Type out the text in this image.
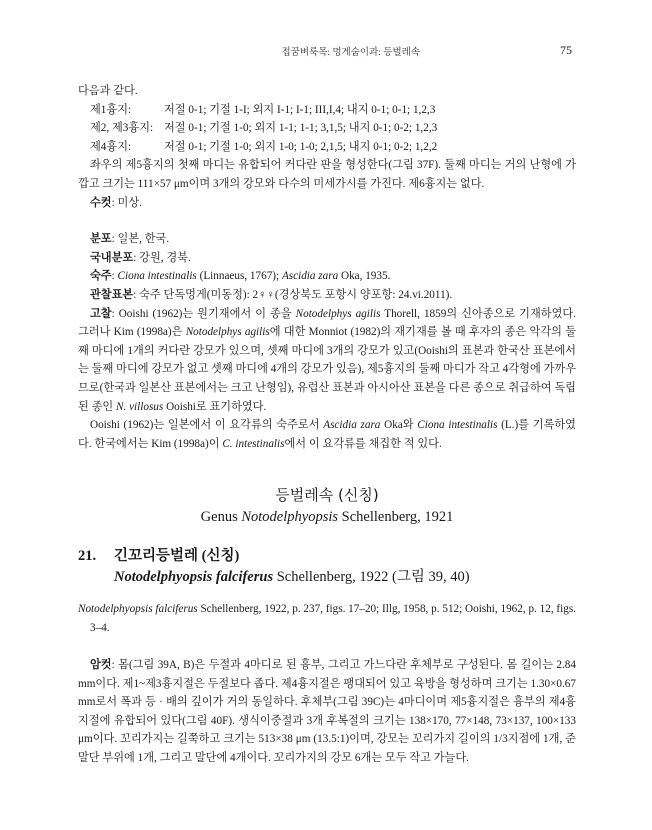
접꿈벼룩목: 멍게숨이과: 등벌레속	75

다음과 같다.

제1흉지:	저절 0-1; 기절 1-I; 외지 I-1; I-1; III,I,4; 내지 0-1; 0-1; 1,2,3
제2, 제3흉지: 저절 0-1; 기절 1-0; 외지 1-1; 1-1; 3,1,5; 내지 0-1; 0-2; 1,2,3
제4흉지:	저절 0-1; 기절 1-0; 외지 1-0; 1-0; 2,1,5; 내지 0-1; 0-2; 1,2,2

좌우의 제5흉지의 첫째 마디는 유합되어 커다란 판을 형성한다(그림 37F). 둘째 마디는 거의 난형에 가깝고 크기는 111×57 μm이며 3개의 강모와 다수의 미세가시를 가진다. 제6흉지는 없다.

수컷: 미상.

분포: 일본, 한국.

국내분포: 강원, 경북.

숙주: Ciona intestinalis (Linnaeus, 1767); Ascidia zara Oka, 1935.

관찰표본: 숙주 단독멍게(미동정): 2♀♀(경상북도 포항시 양포항: 24.vi.2011).

고찰: Ooishi (1962)는 원기재에서 이 종을 Notodelphys agilis Thorell, 1859의 신아종으로 기재하였다. 그러나 Kim (1998a)은 Notodelphys agilis에 대한 Monniot (1982)의 재기재를 볼 때 후자의 종은 악각의 둘째 마디에 1개의 커다란 강모가 있으며, 셋째 마디에 3개의 강모가 있고(Ooishi의 표본과 한국산 표본에서는 둘째 마디에 강모가 없고 셋째 마디에 4개의 강모가 있음), 제5흉지의 둘째 마디가 작고 4각형에 가까우므로(한국과 일본산 표본에서는 크고 난형임), 유럽산 표본과 아시아산 표본을 다른 종으로 취급하여 독립된 종인 N. villosus Ooishi로 표기하였다.

Ooishi (1962)는 일본에서 이 요각류의 숙주로서 Ascidia zara Oka와 Ciona intestinalis (L.)를 기록하였다. 한국에서는 Kim (1998a)이 C. intestinalis에서 이 요각류를 채집한 적 있다.

등벌레속 (신칭)
Genus Notodelphyopsis Schellenberg, 1921
21. 긴꼬리등벌레 (신칭)
Notodelphyopsis falciferus Schellenberg, 1922 (그림 39, 40)

Notodelphyopsis falciferus Schellenberg, 1922, p. 237, figs. 17–20; Illg, 1958, p. 512; Ooishi, 1962, p. 12, figs. 3–4.

암컷: 몸(그림 39A, B)은 두절과 4마디로 된 흉부, 그리고 가느다란 후체부로 구성된다. 몸 길이는 2.84 mm이다. 제1~제3흉지절은 두절보다 좁다. 제4흉지절은 팽대되어 있고 육방을 형성하며 크기는 1.30×0.67 mm로서 폭과 등 · 배의 깊이가 거의 동일하다. 후체부(그림 39C)는 4마디이며 제5흉지절은 흉부의 제4흉지절에 유합되어 있다(그림 40F). 생식이중절과 3개 후복절의 크기는 138×170, 77×148, 73×137, 100×133 μm이다. 꼬리가지는 길쭉하고 크기는 513×38 μm (13.5:1)이며, 강모는 꼬리가지 길이의 1/3지점에 1개, 준말단 부위에 1개, 그리고 말단에 4개이다. 꼬리가지의 강모 6개는 모두 작고 가늘다.
